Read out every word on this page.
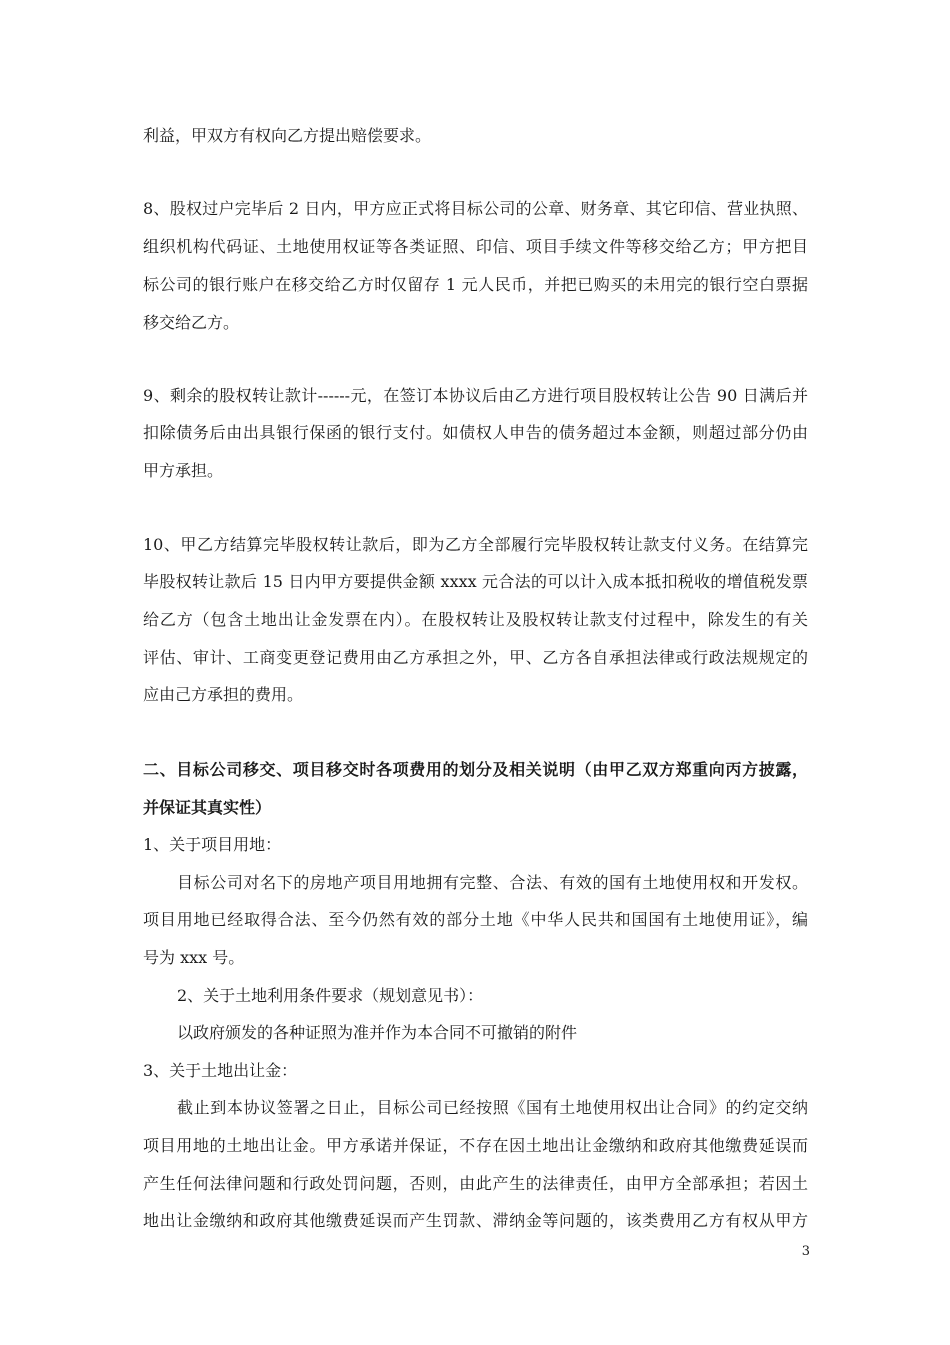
利益，甲双方有权向乙方提出赔偿要求。
8、股权过户完毕后 2 日内，甲方应正式将目标公司的公章、财务章、其它印信、营业执照、
组织机构代码证、土地使用权证等各类证照、印信、项目手续文件等移交给乙方；甲方把目
标公司的银行账户在移交给乙方时仅留存 1 元人民币，并把已购买的未用完的银行空白票据
移交给乙方。
9、剩余的股权转让款计------元，在签订本协议后由乙方进行项目股权转让公告 90 日满后并
扣除债务后由出具银行保函的银行支付。如债权人申告的债务超过本金额，则超过部分仍由
甲方承担。
10、甲乙方结算完毕股权转让款后，即为乙方全部履行完毕股权转让款支付义务。在结算完
毕股权转让款后 15 日内甲方要提供金额 xxxx 元合法的可以计入成本抵扣税收的增值税发票
给乙方（包含土地出让金发票在内）。在股权转让及股权转让款支付过程中，除发生的有关
评估、审计、工商变更登记费用由乙方承担之外，甲、乙方各自承担法律或行政法规规定的
应由己方承担的费用。
二、目标公司移交、项目移交时各项费用的划分及相关说明（由甲乙双方郑重向丙方披露，
并保证其真实性）
1、关于项目用地：
目标公司对名下的房地产项目用地拥有完整、合法、有效的国有土地使用权和开发权。
项目用地已经取得合法、至今仍然有效的部分土地《中华人民共和国国有土地使用证》，编
号为 xxx 号。
2、关于土地利用条件要求（规划意见书）：
以政府颁发的各种证照为准并作为本合同不可撤销的附件
3、关于土地出让金：
截止到本协议签署之日止，目标公司已经按照《国有土地使用权出让合同》的约定交纳
项目用地的土地出让金。甲方承诺并保证，不存在因土地出让金缴纳和政府其他缴费延误而
产生任何法律问题和行政处罚问题，否则，由此产生的法律责任，由甲方全部承担；若因土
地出让金缴纳和政府其他缴费延误而产生罚款、滞纳金等问题的，该类费用乙方有权从甲方
3
